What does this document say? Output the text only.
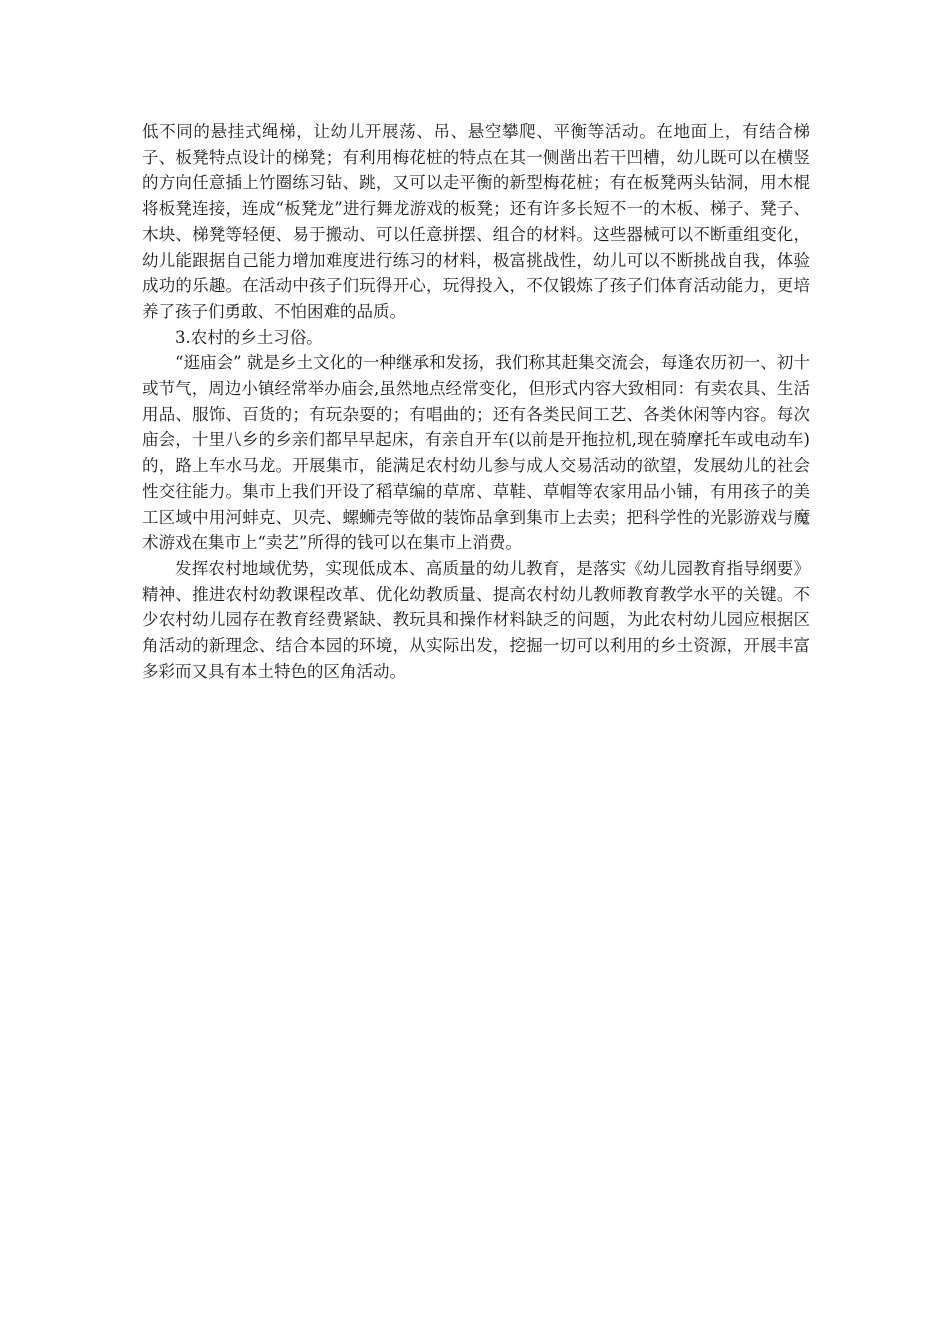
低不同的悬挂式绳梯，让幼儿开展荡、吊、悬空攀爬、平衡等活动。在地面上，有结合梯子、板凳特点设计的梯凳；有利用梅花桩的特点在其一侧凿出若干凹槽，幼儿既可以在横竖的方向任意插上竹圈练习钻、跳，又可以走平衡的新型梅花桩；有在板凳两头钻洞，用木棍将板凳连接，连成“板凳龙”进行舞龙游戏的板凳；还有许多长短不一的木板、梯子、凳子、木块、梯凳等轻便、易于搬动、可以任意拼摆、组合的材料。这些器械可以不断重组变化，幼儿能跟据自己能力增加难度进行练习的材料，极富挑战性，幼儿可以不断挑战自我，体验成功的乐趣。在活动中孩子们玩得开心，玩得投入，不仅锻炼了孩子们体育活动能力，更培养了孩子们勇敢、不怕困难的品质。

3.农村的乡土习俗。

“逛庙会” 就是乡土文化的一种继承和发扬，我们称其赶集交流会，每逢农历初一、初十或节气，周边小镇经常举办庙会,虽然地点经常变化，但形式内容大致相同：有卖农具、生活用品、服饰、百货的；有玩杂耍的；有唱曲的；还有各类民间工艺、各类休闲等内容。每次庙会，十里八乡的乡亲们都早早起床，有亲自开车(以前是开拖拉机,现在骑摩托车或电动车)的，路上车水马龙。开展集市，能满足农村幼儿参与成人交易活动的欲望，发展幼儿的社会性交往能力。集市上我们开设了稻草编的草席、草鞋、草帽等农家用品小铺，有用孩子的美工区域中用河蚌克、贝壳、螺蛳壳等做的装饰品拿到集市上去卖；把科学性的光影游戏与魔术游戏在集市上“卖艺”所得的钱可以在集市上消费。

发挥农村地域优势，实现低成本、高质量的幼儿教育，是落实《幼儿园教育指导纲要》精神、推进农村幼教课程改革、优化幼教质量、提高农村幼儿教师教育教学水平的关键。不少农村幼儿园存在教育经费紧缺、教玩具和操作材料缺乏的问题，为此农村幼儿园应根据区角活动的新理念、结合本园的环境，从实际出发，挖掘一切可以利用的乡土资源，开展丰富多彩而又具有本土特色的区角活动。
